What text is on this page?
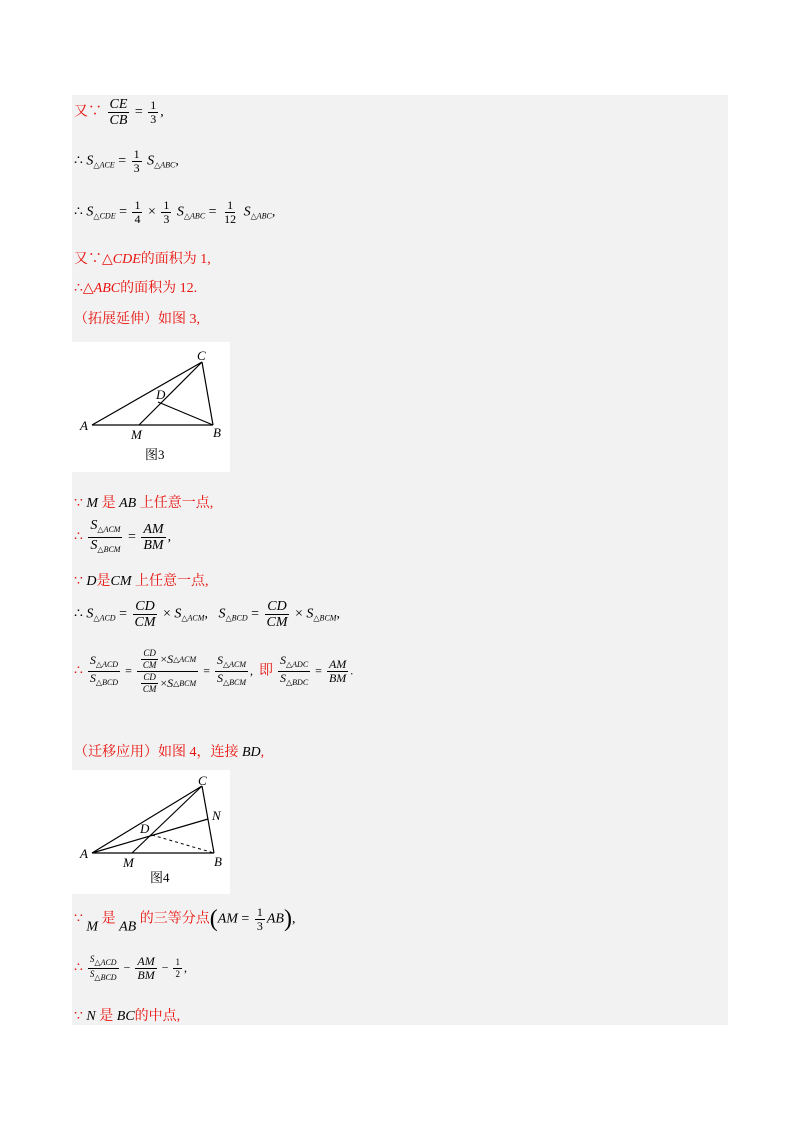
又∵ $\frac{CE}{CB} = \frac{1}{3}$ ,
∴ $S_{\triangle ACE} = \frac{1}{3} S_{\triangle ABC}$,
∴ $S_{\triangle CDE} = \frac{1}{4} \times \frac{1}{3} S_{\triangle ABC} = \frac{1}{12} S_{\triangle ABC}$,
又∵△CDE的面积为 1,
∴△ABC的面积为 12.
（拓展延伸）如图 3,
C
D
A
M	B
图3
∵ M 是 AB 上任意一点,
∴ $\frac{S_{\triangle ACM}}{S_{\triangle BCM}} = \frac{AM}{BM}$ ,
∵ D是CM 上任意一点,
∴ $S_{\triangle ACD} = \frac{CD}{CM} \times S_{\triangle ACM}$, $S_{\triangle BCD} = \frac{CD}{CM} \times S_{\triangle BCM}$,
∴ $\frac{S_{\triangle ACD}}{S_{\triangle BCD}} = \frac{\frac{CD}{CM} \times S \triangle ACM}{\frac{CD}{CM} \times S \triangle BCM} = \frac{S_{\triangle ACM}}{S_{\triangle BCM}}$ , 即 $\frac{S_{\triangle ADC}}{S_{\triangle BDC}} = \frac{AM}{BM}$ .
（迁移应用）如图 4，连接 BD,
C
N
D
A
M	B
图4
∵ M 是 AB 的三等分点$(AM = \frac{1}{3} AB)$,
∴ $\frac{\text{S△ACD}}{\text{S△BCD}} - \frac{AM}{BM} - \frac{1}{2}$ ,
∵ N 是 BC的中点,
